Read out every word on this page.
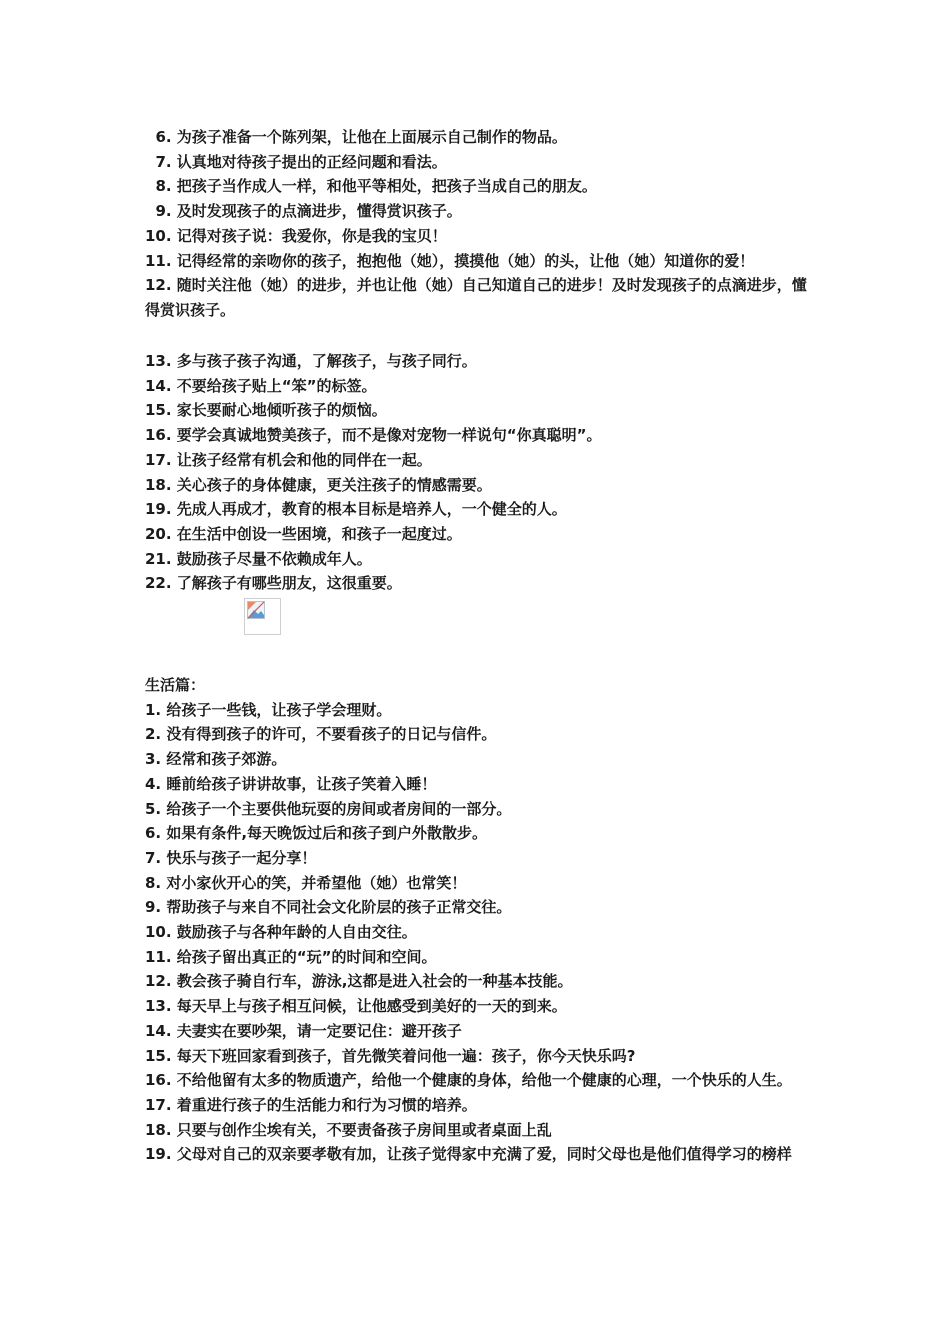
6. 为孩子准备一个陈列架，让他在上面展示自己制作的物品。

7. 认真地对待孩子提出的正经问题和看法。

8. 把孩子当作成人一样，和他平等相处，把孩子当成自己的朋友。

9. 及时发现孩子的点滴进步，懂得赏识孩子。

10. 记得对孩子说：我爱你，你是我的宝贝！

11. 记得经常的亲吻你的孩子，抱抱他（她），摸摸他（她）的头，让他（她）知道你的爱！

12. 随时关注他（她）的进步，并也让他（她）自己知道自己的进步！及时发现孩子的点滴进步，懂得赏识孩子。

13. 多与孩子孩子沟通，了解孩子，与孩子同行。

14. 不要给孩子贴上“笨”的标签。

15. 家长要耐心地倾听孩子的烦恼。

16. 要学会真诚地赞美孩子，而不是像对宠物一样说句“你真聪明”。

17. 让孩子经常有机会和他的同伴在一起。

18. 关心孩子的身体健康，更关注孩子的情感需要。

19. 先成人再成才，教育的根本目标是培养人，一个健全的人。

20. 在生活中创设一些困境，和孩子一起度过。

21. 鼓励孩子尽量不依赖成年人。

22. 了解孩子有哪些朋友，这很重要。

生活篇：

1. 给孩子一些钱，让孩子学会理财。

2. 没有得到孩子的许可，不要看孩子的日记与信件。

3. 经常和孩子郊游。

4. 睡前给孩子讲讲故事，让孩子笑着入睡！

5. 给孩子一个主要供他玩耍的房间或者房间的一部分。

6. 如果有条件,每天晚饭过后和孩子到户外散散步。

7. 快乐与孩子一起分享！

8. 对小家伙开心的笑，并希望他（她）也常笑！

9. 帮助孩子与来自不同社会文化阶层的孩子正常交往。

10. 鼓励孩子与各种年龄的人自由交往。

11. 给孩子留出真正的“玩”的时间和空间。

12. 教会孩子骑自行车，游泳,这都是进入社会的一种基本技能。

13. 每天早上与孩子相互问候，让他感受到美好的一天的到来。

14. 夫妻实在要吵架，请一定要记住：避开孩子

15. 每天下班回家看到孩子，首先微笑着问他一遍：孩子，你今天快乐吗?

16. 不给他留有太多的物质遗产，给他一个健康的身体，给他一个健康的心理，一个快乐的人生。

17. 着重进行孩子的生活能力和行为习惯的培养。

18. 只要与创作尘埃有关，不要责备孩子房间里或者桌面上乱

19. 父母对自己的双亲要孝敬有加，让孩子觉得家中充满了爱，同时父母也是他们值得学习的榜样
